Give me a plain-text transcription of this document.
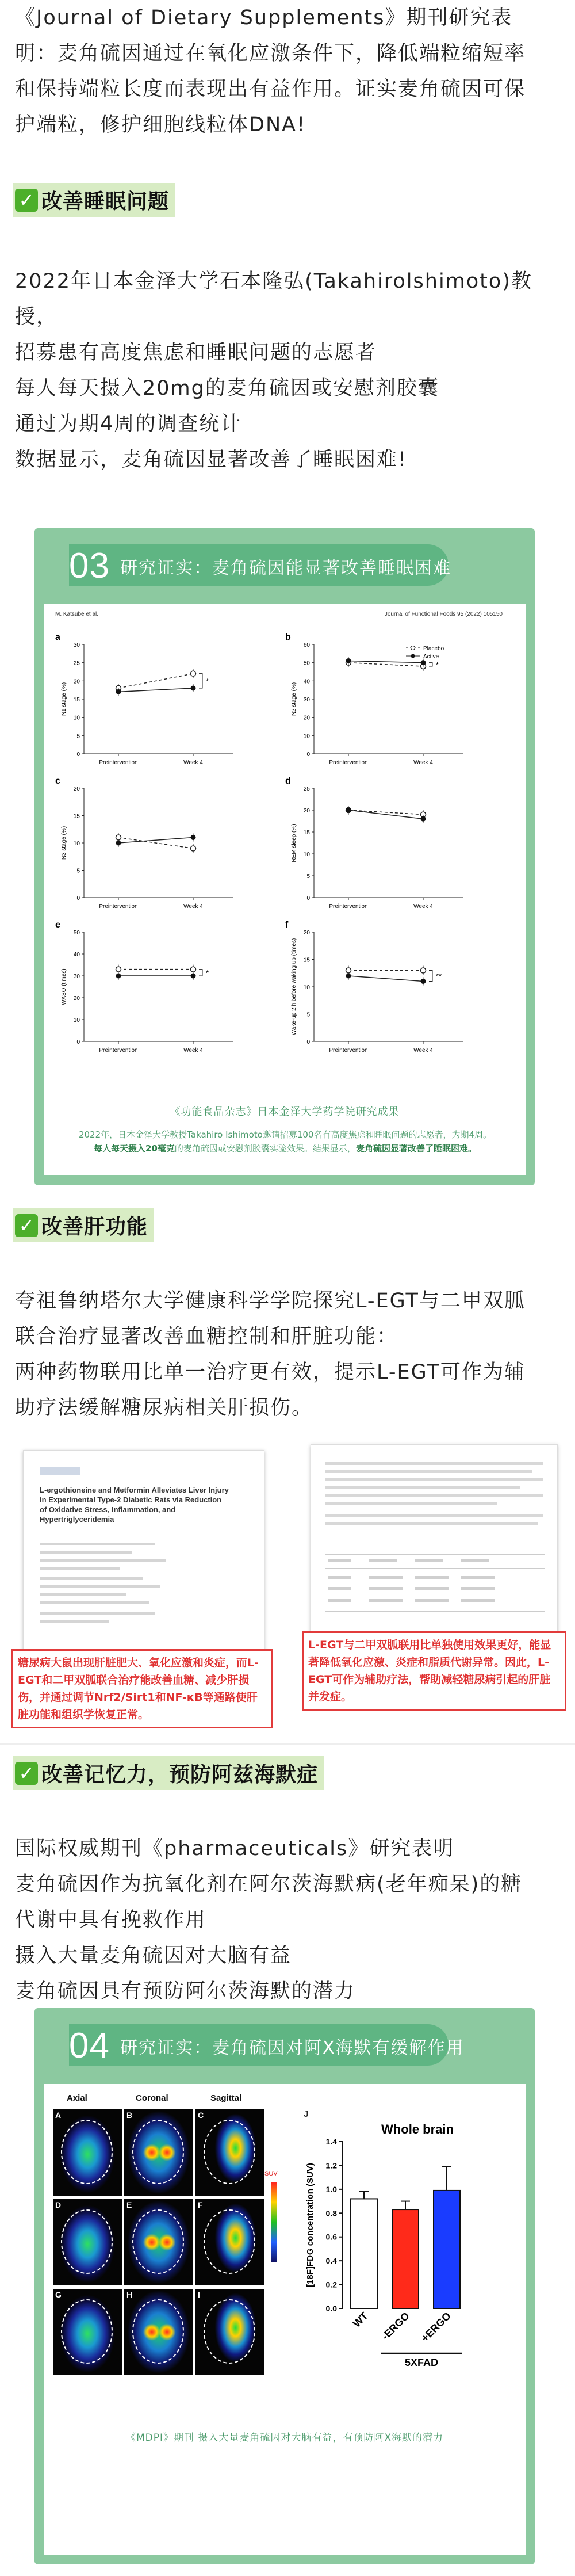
《Journal of Dietary Supplements》期刊研究表

明：麦角硫因通过在氧化应激条件下，降低端粒缩短率

和保持端粒长度而表现出有益作用。证实麦角硫因可保

护端粒，修护细胞线粒体DNA!

✓ 改善睡眠问题

2022年日本金泽大学石本隆弘(Takahirolshimoto)教

授，

招募患有高度焦虑和睡眠问题的志愿者

每人每天摄入20mg的麦角硫因或安慰剂胶囊

通过为期4周的调查统计

数据显示，麦角硫因显著改善了睡眠困难!

03 研究证实：麦角硫因能显著改善睡眠困难
M. Katsube et al.	Journal of Functional Foods 95 (2022) 105150
a
0
5
10
15
20
25
30
N1 stage (%)
Preintervention	Week 4
*
b
0
10
20
30
40
50
60
N2 stage (%)
Preintervention	Week 4
*
Placebo
Active
c
0
5
10
15
20
N3 stage (%)
Preintervention	Week 4
d
0
5
10
15
20
25
REM sleep (%)
Preintervention	Week 4
e
0
10
20
30
40
50
WASO (times)
Preintervention	Week 4
*
f
0
5
10
15
20
Wake-up 2 h before waking up (times)
Preintervention	Week 4
**
《功能食品杂志》日本金泽大学药学院研究成果
2022年，日本金泽大学教授Takahiro Ishimoto邀请招募100名有高度焦虑和睡眠问题的志愿者，为期4周。
每人每天摄入20毫克的麦角硫因或安慰剂胶囊实验效果。结果显示，麦角硫因显著改善了睡眠困难。
✓ 改善肝功能

夸祖鲁纳塔尔大学健康科学学院探究L-EGT与二甲双胍

联合治疗显著改善血糖控制和肝脏功能：

两种药物联用比单一治疗更有效，提示L-EGT可作为辅

助疗法缓解糖尿病相关肝损伤。

L-ergothioneine and Metformin Alleviates Liver Injury in Experimental Type-2 Diabetic Rats via Reduction of Oxidative Stress, Inflammation, and Hypertriglyceridemia
糖尿病大鼠出现肝脏肥大、氧化应激和炎症，而L-EGT和二甲双胍联合治疗能改善血糖、减少肝损伤，并通过调节Nrf2/Sirt1和NF-κB等通路使肝脏功能和组织学恢复正常。
L-EGT与二甲双胍联用比单独使用效果更好，能显著降低氧化应激、炎症和脂质代谢异常。因此，L-EGT可作为辅助疗法，帮助减轻糖尿病引起的肝脏并发症。
✓ 改善记忆力，预防阿兹海默症

国际权威期刊《pharmaceuticals》研究表明

麦角硫因作为抗氧化剂在阿尔茨海默病(老年痴呆)的糖

代谢中具有挽救作用

摄入大量麦角硫因对大脑有益

麦角硫因具有预防阿尔茨海默的潜力

04 研究证实：麦角硫因对阿X海默有缓解作用
Axial	Coronal	Sagittal
A	B	C
D	E	F
G	H	I
SUV
J
Whole brain
0.0
0.2
0.4
0.6
0.8
1.0
1.2
1.4
[18F]FDG concentration (SUV)
WT -ERGO +ERGO
5XFAD
《MDPI》期刊 摄入大量麦角硫因对大脑有益，有预防阿X海默的潜力
